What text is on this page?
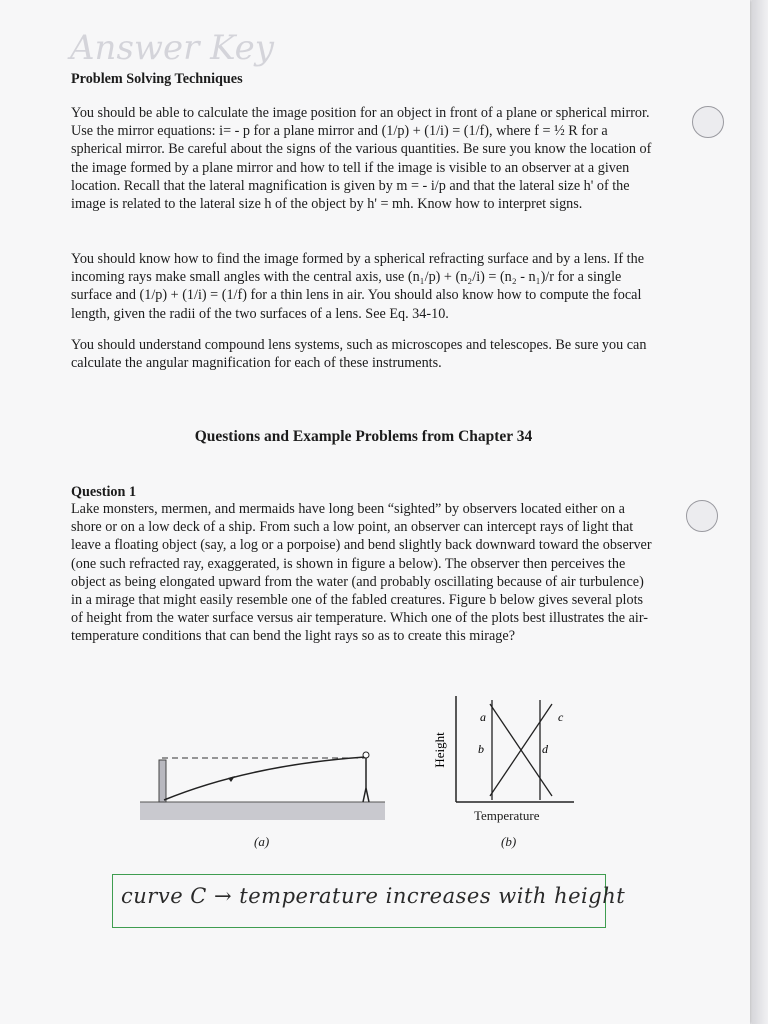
Answer Key
Problem Solving Techniques
You should be able to calculate the image position for an object in front of a plane or spherical mirror. Use the mirror equations: i= - p for a plane mirror and (1/p) + (1/i) = (1/f), where f = ½ R for a spherical mirror. Be careful about the signs of the various quantities. Be sure you know the location of the image formed by a plane mirror and how to tell if the image is visible to an observer at a given location. Recall that the lateral magnification is given by m = - i/p and that the lateral size h' of the image is related to the lateral size h of the object by h' = mh. Know how to interpret signs.
You should know how to find the image formed by a spherical refracting surface and by a lens. If the incoming rays make small angles with the central axis, use (n₁/p) + (n₂/i) = (n₂ - n₁)/r for a single surface and (1/p) + (1/i) = (1/f) for a thin lens in air. You should also know how to compute the focal length, given the radii of the two surfaces of a lens. See Eq. 34-10.
You should understand compound lens systems, such as microscopes and telescopes. Be sure you can calculate the angular magnification for each of these instruments.
Questions and Example Problems from Chapter 34
Question 1
Lake monsters, mermen, and mermaids have long been “sighted” by observers located either on a shore or on a low deck of a ship. From such a low point, an observer can intercept rays of light that leave a floating object (say, a log or a porpoise) and bend slightly back downward toward the observer (one such refracted ray, exaggerated, is shown in figure a below). The observer then perceives the object as being elongated upward from the water (and probably oscillating because of air turbulence) in a mirage that might easily resemble one of the fabled creatures. Figure b below gives several plots of height from the water surface versus air temperature. Which one of the plots best illustrates the air-temperature conditions that can bend the light rays so as to create this mirage?
(a)
Height
a
b
c
d
Temperature
(b)
curve C → temperature increases with height
